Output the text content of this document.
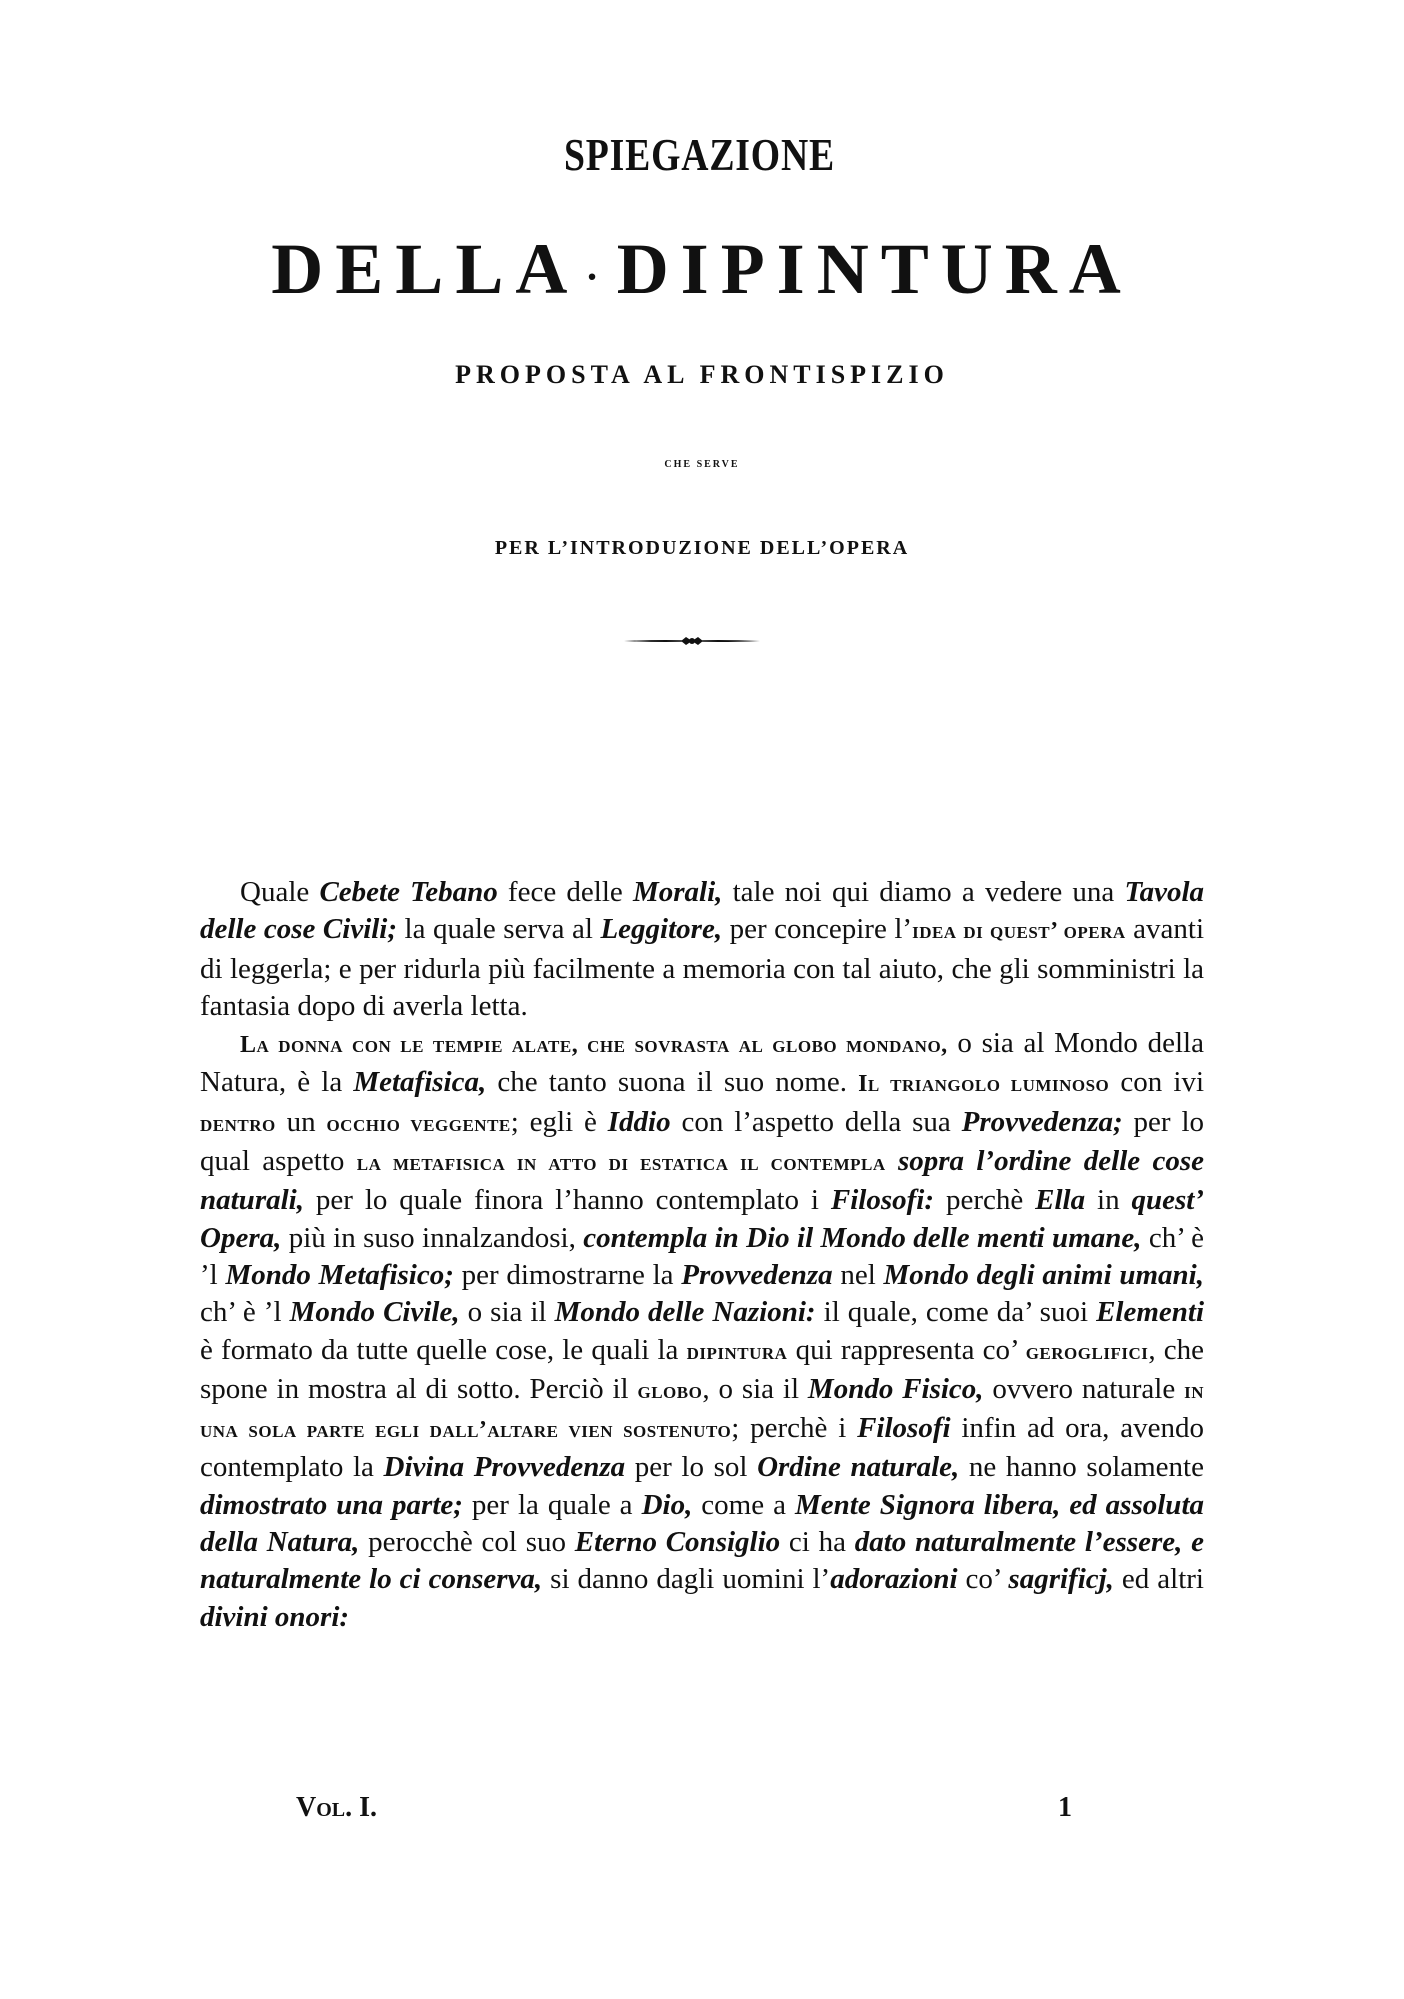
SPIEGAZIONE
DELLA ·DIPINTURA
PROPOSTA AL FRONTISPIZIO
CHE SERVE
PER L’INTRODUZIONE DELL’OPERA

Quale Cebete Tebano fece delle Morali, tale noi qui diamo a vedere una Tavola delle cose Civili; la quale serva al Leggitore, per concepire l’idea di quest’ opera avanti di leggerla; e per ridurla più facilmente a memoria con tal aiuto, che gli somministri la fantasia dopo di averla letta.

La donna con le tempie alate, che sovrasta al globo mondano, o sia al Mondo della Natura, è la Metafisica, che tanto suona il suo nome. Il triangolo luminoso con ivi dentro un occhio veggente; egli è Iddio con l’aspetto della sua Provvedenza; per lo qual aspetto la metafisica in atto di estatica il contempla sopra l’ordine delle cose naturali, per lo quale finora l’hanno contemplato i Filosofi: perchè Ella in quest’ Opera, più in suso innalzandosi, contempla in Dio il Mondo delle menti umane, ch’ è ’l Mondo Metafisico; per dimostrarne la Provvedenza nel Mondo degli animi umani, ch’ è ’l Mondo Civile, o sia il Mondo delle Nazioni: il quale, come da’ suoi Elementi è formato da tutte quelle cose, le quali la dipintura qui rappresenta co’ geroglifici, che spone in mostra al di sotto. Perciò il globo, o sia il Mondo Fisico, ovvero naturale in una sola parte egli dall’altare vien sostenuto; perchè i Filosofi infin ad ora, avendo contemplato la Divina Provvedenza per lo sol Ordine naturale, ne hanno solamente dimostrato una parte; per la quale a Dio, come a Mente Signora libera, ed assoluta della Natura, perocchè col suo Eterno Consiglio ci ha dato naturalmente l’essere, e naturalmente lo ci conserva, si danno dagli uomini l’adorazioni co’ sagrificj, ed altri divini onori:

Vol. I.	1
